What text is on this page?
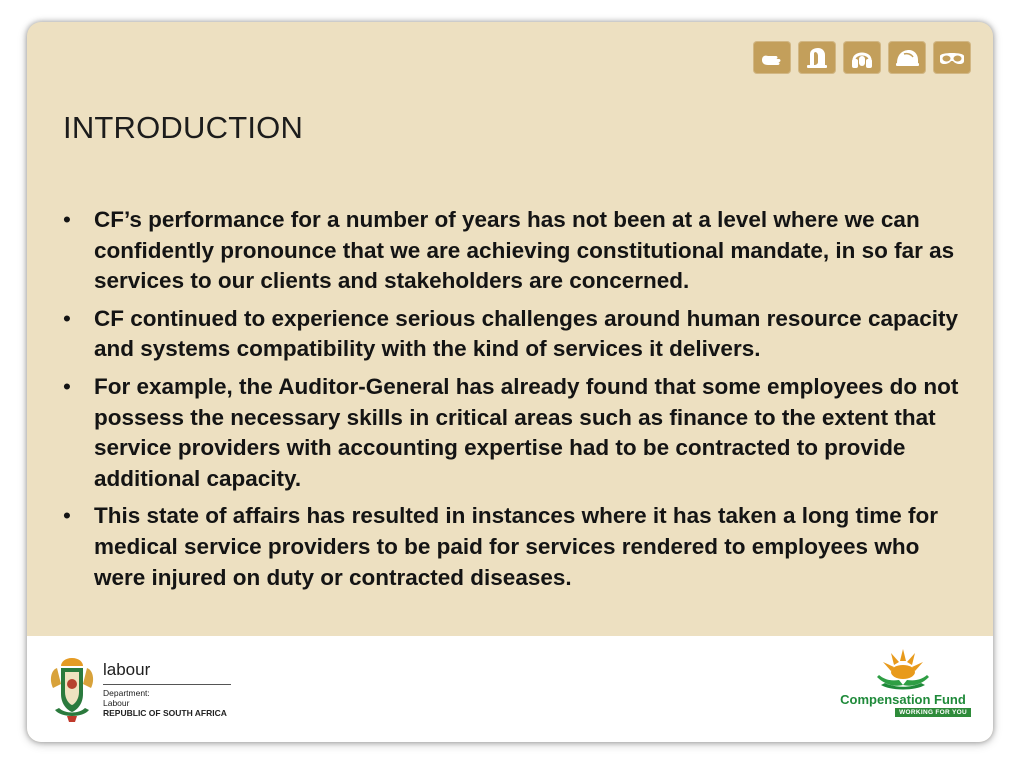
INTRODUCTION
• CF’s performance for a number of years has not been at a level where we can confidently pronounce that we are achieving constitutional mandate, in so far as services to our clients and stakeholders are concerned.
• CF continued to experience serious challenges around human resource capacity and systems compatibility with the kind of services it delivers.
• For example, the Auditor-General has already found that some employees do not possess the necessary skills in critical areas such as finance to the extent that service providers with accounting expertise had to be contracted to provide additional capacity.
• This state of affairs has resulted in instances where it has taken a long time for medical service providers to be paid for services rendered to employees who were injured on duty or contracted diseases.
labour
Department:
Labour
REPUBLIC OF SOUTH AFRICA
Compensation Fund
WORKING FOR YOU
